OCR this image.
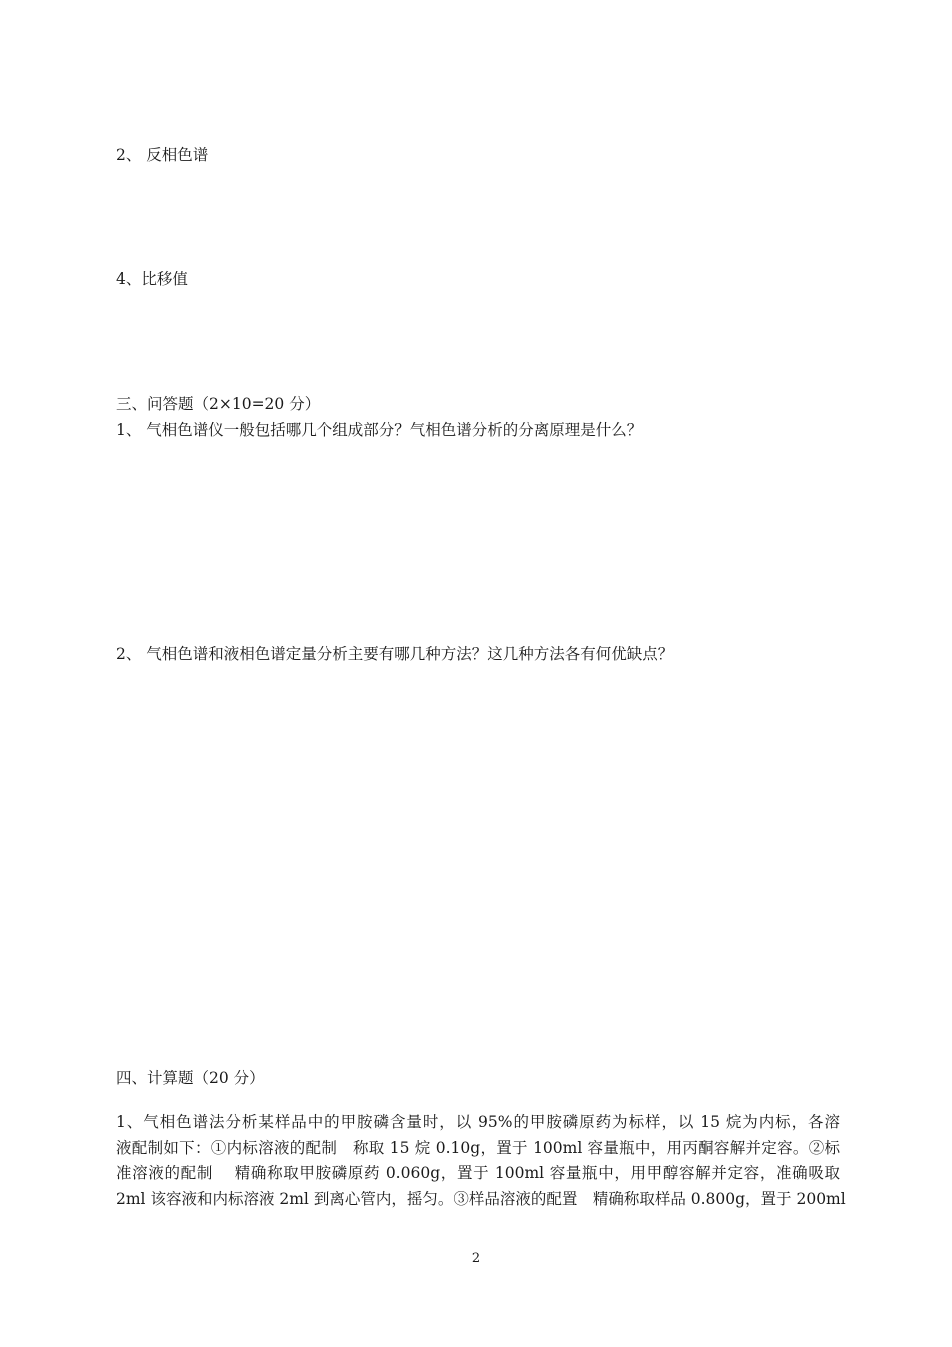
2、 反相色谱
4、比移值
三、问答题（2×10=20 分）
1、 气相色谱仪一般包括哪几个组成部分？气相色谱分析的分离原理是什么？
2、 气相色谱和液相色谱定量分析主要有哪几种方法？这几种方法各有何优缺点？
四、计算题（20 分）
1、气相色谱法分析某样品中的甲胺磷含量时，以 95%的甲胺磷原药为标样，以 15 烷为内标，各溶
液配制如下：①内标溶液的配制　称取 15 烷 0.10g，置于 100ml 容量瓶中，用丙酮容解并定容。②标
准溶液的配制　 精确称取甲胺磷原药 0.060g，置于 100ml 容量瓶中，用甲醇容解并定容，准确吸取
2ml 该容液和内标溶液 2ml 到离心管内，摇匀。③样品溶液的配置　精确称取样品 0.800g，置于 200ml
2
